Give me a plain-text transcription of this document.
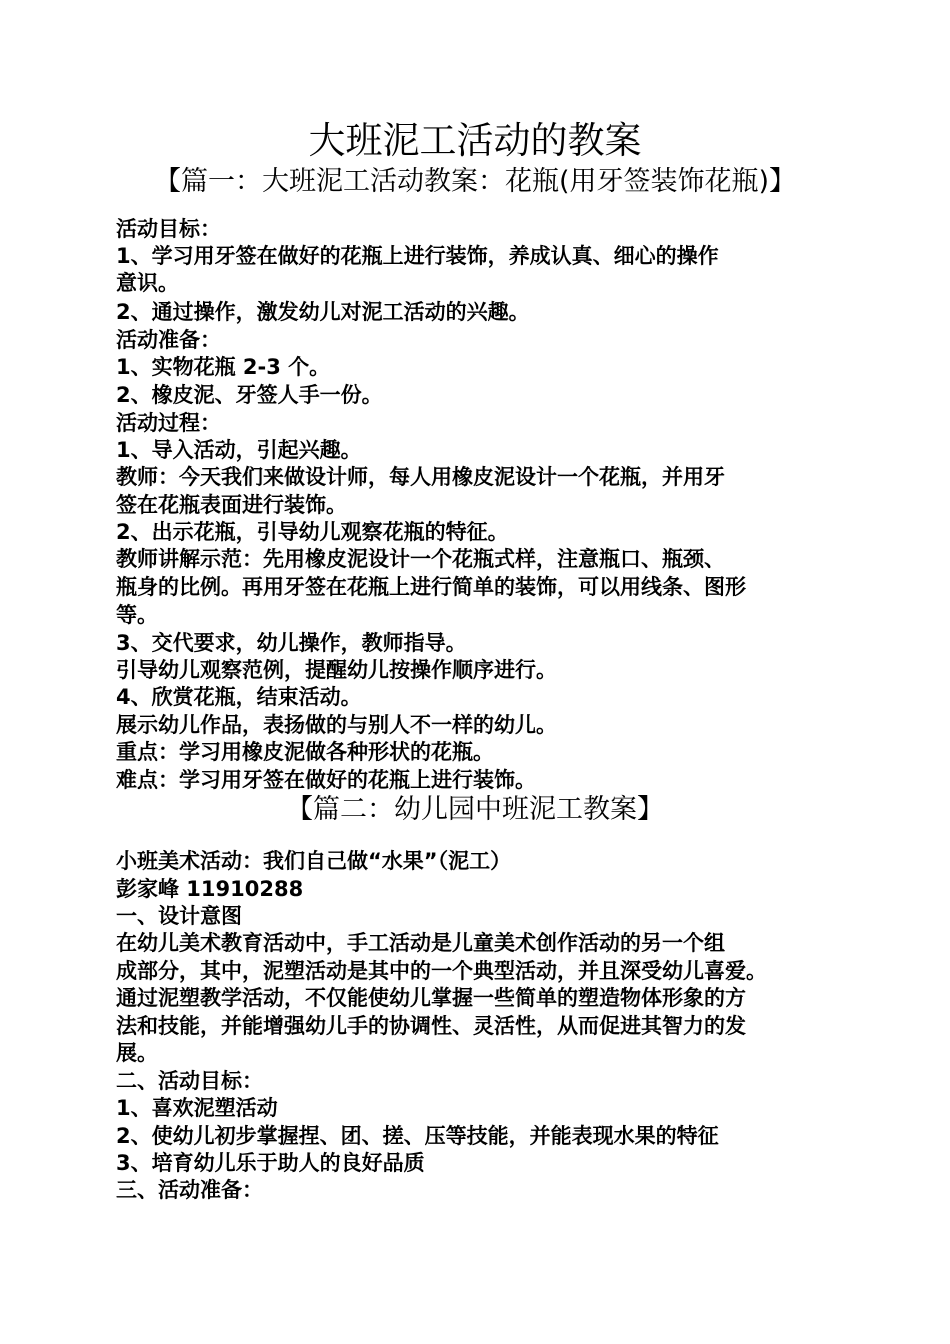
大班泥工活动的教案
【篇一：大班泥工活动教案：花瓶(用牙签装饰花瓶)】
活动目标：
1、学习用牙签在做好的花瓶上进行装饰，养成认真、细心的操作
意识。
2、通过操作，激发幼儿对泥工活动的兴趣。
活动准备：
1、实物花瓶 2-3 个。
2、橡皮泥、牙签人手一份。
活动过程：
1、导入活动，引起兴趣。
教师：今天我们来做设计师，每人用橡皮泥设计一个花瓶，并用牙
签在花瓶表面进行装饰。
2、出示花瓶，引导幼儿观察花瓶的特征。
教师讲解示范：先用橡皮泥设计一个花瓶式样，注意瓶口、瓶颈、
瓶身的比例。再用牙签在花瓶上进行简单的装饰，可以用线条、图形
等。
3、交代要求，幼儿操作，教师指导。
引导幼儿观察范例，提醒幼儿按操作顺序进行。
4、欣赏花瓶，结束活动。
展示幼儿作品，表扬做的与别人不一样的幼儿。
重点：学习用橡皮泥做各种形状的花瓶。
难点：学习用牙签在做好的花瓶上进行装饰。
【篇二：幼儿园中班泥工教案】
小班美术活动：我们自己做“水果”（泥工）
彭家峰 11910288
一、设计意图
在幼儿美术教育活动中，手工活动是儿童美术创作活动的另一个组
成部分，其中，泥塑活动是其中的一个典型活动，并且深受幼儿喜爱。
通过泥塑教学活动，不仅能使幼儿掌握一些简单的塑造物体形象的方
法和技能，并能增强幼儿手的协调性、灵活性，从而促进其智力的发
展。
二、活动目标：
1、喜欢泥塑活动
2、使幼儿初步掌握捏、团、搓、压等技能，并能表现水果的特征
3、培育幼儿乐于助人的良好品质
三、活动准备：
